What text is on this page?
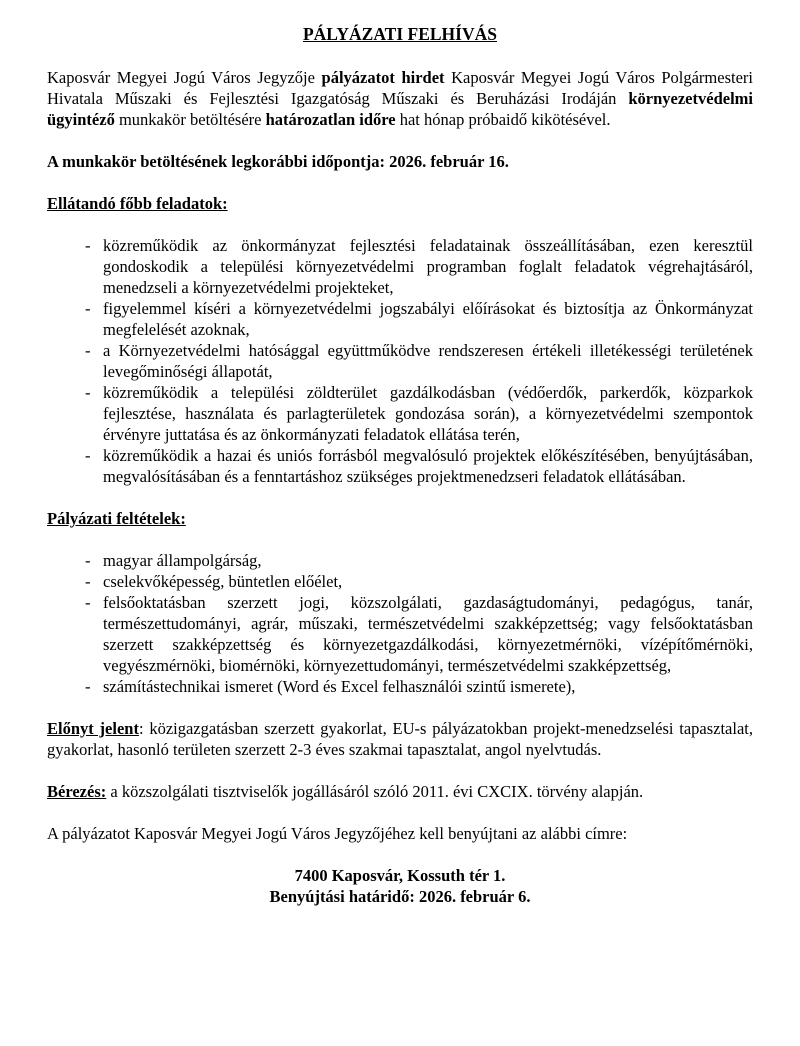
PÁLYÁZATI FELHÍVÁS

Kaposvár Megyei Jogú Város Jegyzője pályázatot hirdet Kaposvár Megyei Jogú Város Polgármesteri Hivatala Műszaki és Fejlesztési Igazgatóság Műszaki és Beruházási Irodáján környezetvédelmi ügyintéző munkakör betöltésére határozatlan időre hat hónap próbaidő kikötésével.

A munkakör betöltésének legkorábbi időpontja: 2026. február 16.

Ellátandó főbb feladatok:

- közreműködik az önkormányzat fejlesztési feladatainak összeállításában, ezen keresztül gondoskodik a települési környezetvédelmi programban foglalt feladatok végrehajtásáról, menedzseli a környezetvédelmi projekteket,
- figyelemmel kíséri a környezetvédelmi jogszabályi előírásokat és biztosítja az Önkormányzat megfelelését azoknak,
- a Környezetvédelmi hatósággal együttműködve rendszeresen értékeli illetékességi területének levegőminőségi állapotát,
- közreműködik a települési zöldterület gazdálkodásban (védőerdők, parkerdők, közparkok fejlesztése, használata és parlagterületek gondozása során), a környezetvédelmi szempontok érvényre juttatása és az önkormányzati feladatok ellátása terén,
- közreműködik a hazai és uniós forrásból megvalósuló projektek előkészítésében, benyújtásában, megvalósításában és a fenntartáshoz szükséges projektmenedzseri feladatok ellátásában.

Pályázati feltételek:

- magyar állampolgárság,
- cselekvőképesség, büntetlen előélet,
- felsőoktatásban szerzett jogi, közszolgálati, gazdaságtudományi, pedagógus, tanár, természettudományi, agrár, műszaki, természetvédelmi szakképzettség; vagy felsőoktatásban szerzett szakképzettség és környezetgazdálkodási, környezetmérnöki, vízépítőmérnöki, vegyészmérnöki, biomérnöki, környezettudományi, természetvédelmi szakképzettség,
- számítástechnikai ismeret (Word és Excel felhasználói szintű ismerete),

Előnyt jelent: közigazgatásban szerzett gyakorlat, EU-s pályázatokban projekt-menedzselési tapasztalat, gyakorlat, hasonló területen szerzett 2-3 éves szakmai tapasztalat, angol nyelvtudás.

Bérezés: a közszolgálati tisztviselők jogállásáról szóló 2011. évi CXCIX. törvény alapján.

A pályázatot Kaposvár Megyei Jogú Város Jegyzőjéhez kell benyújtani az alábbi címre:

7400 Kaposvár, Kossuth tér 1.
Benyújtási határidő: 2026. február 6.
